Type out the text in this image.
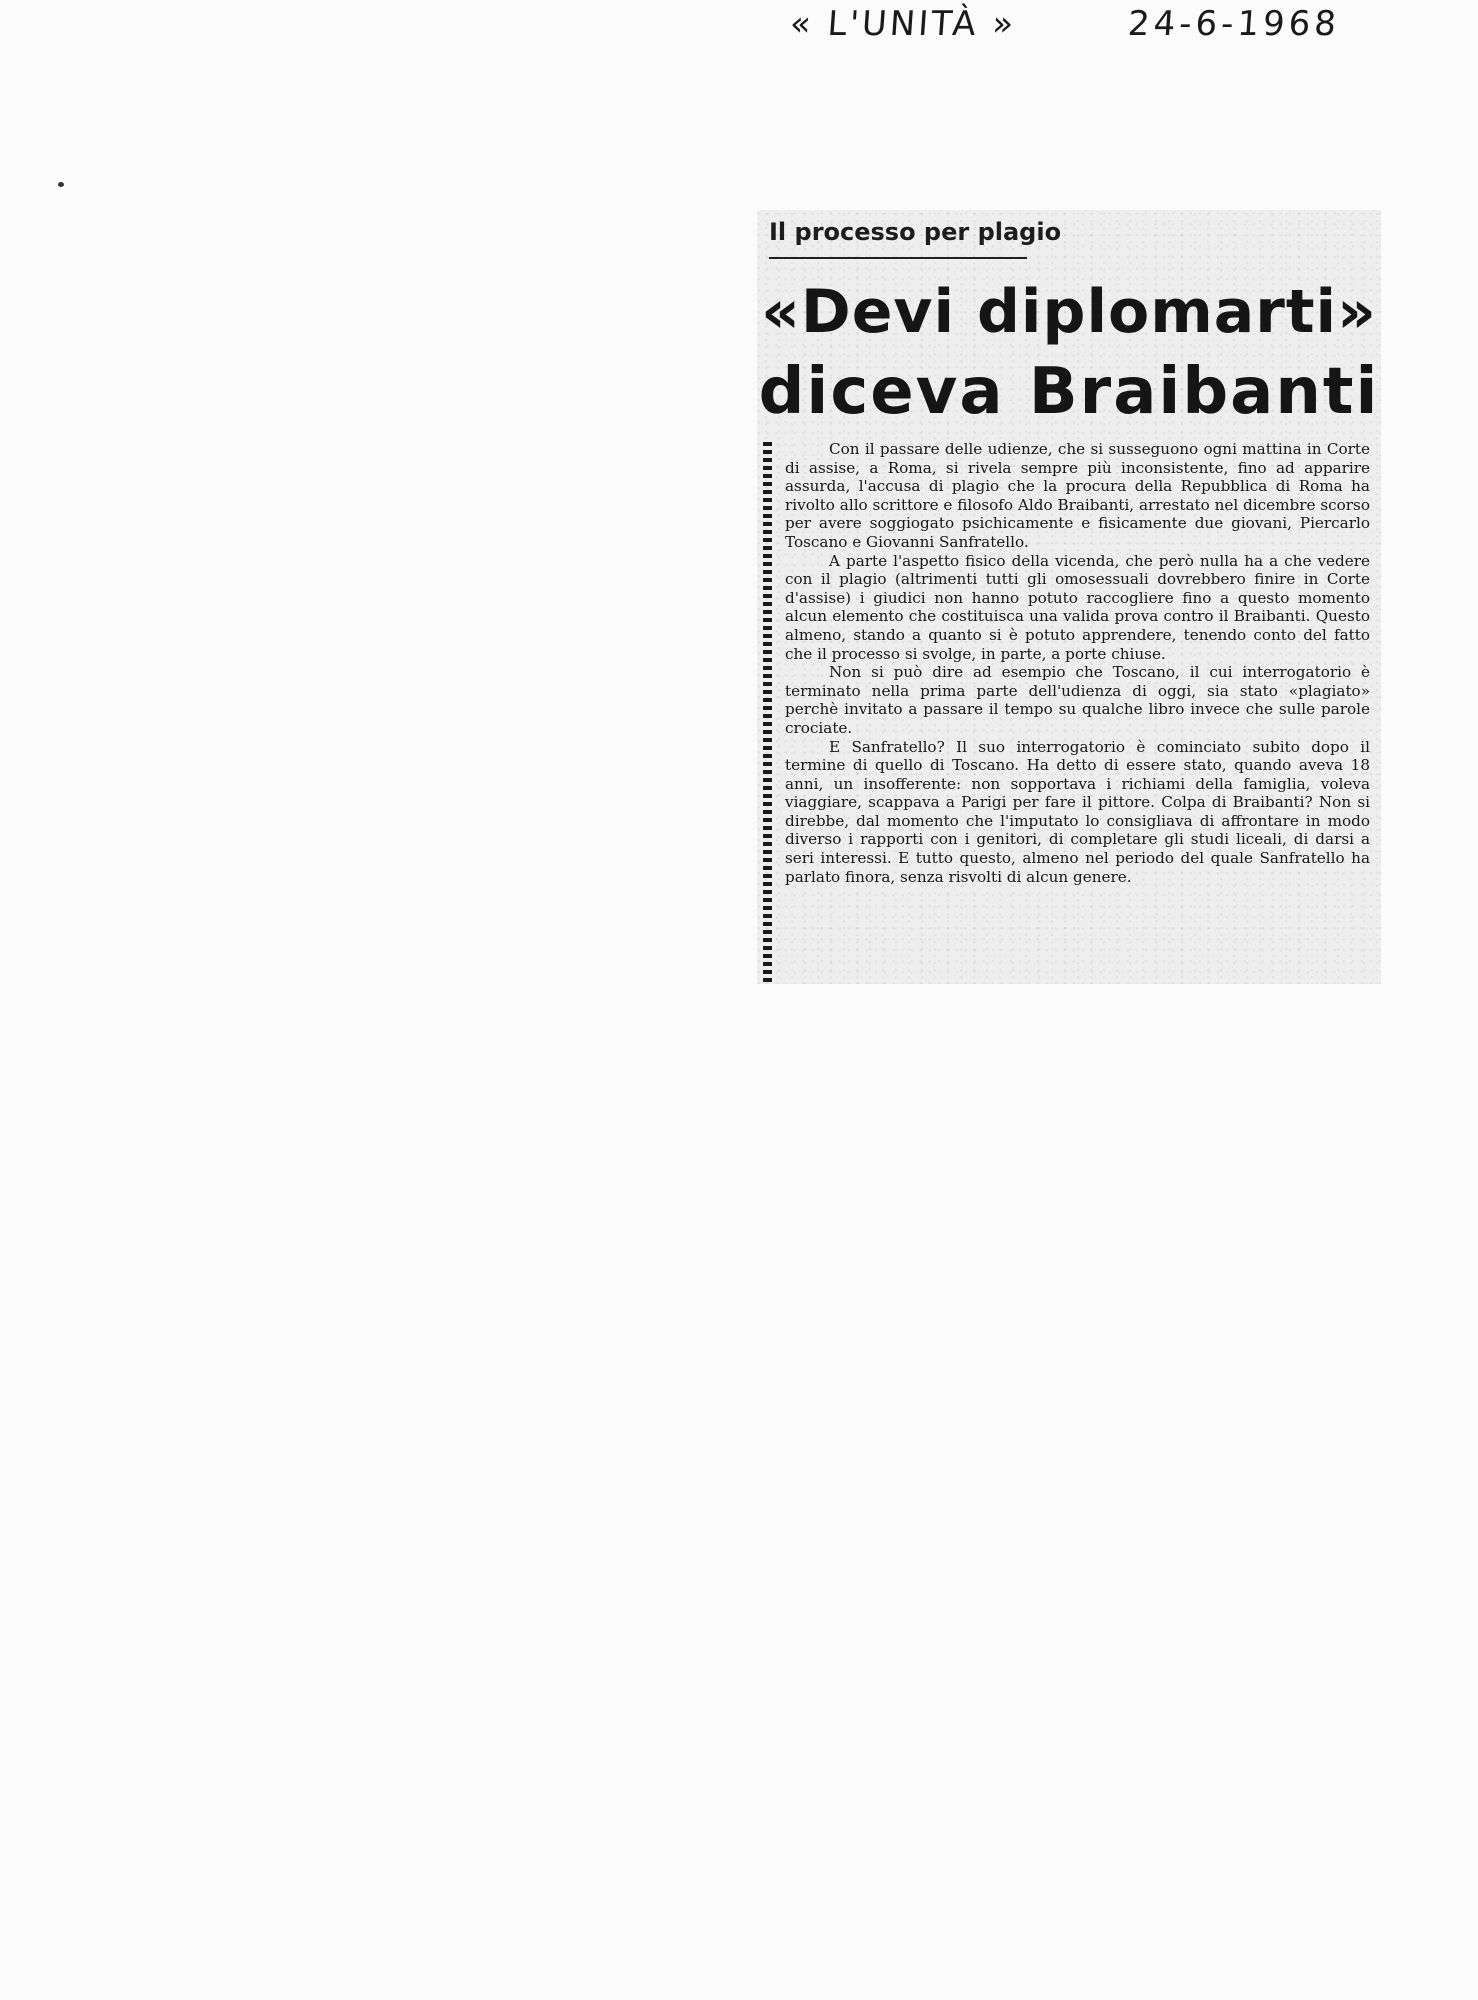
« L'UNITÀ »	24-6-1968
Il processo per plagio
«Devi diplomarti»
diceva Braibanti

Con il passare delle udienze, che si susseguono ogni mattina in Corte di assise, a Roma, si rivela sempre più inconsistente, fino ad apparire assurda, l'accusa di plagio che la procura della Repubblica di Roma ha rivolto allo scrittore e filosofo Aldo Braibanti, arrestato nel dicembre scorso per avere soggiogato psichicamente e fisicamente due giovani, Piercarlo Toscano e Giovanni Sanfratello.

A parte l'aspetto fisico della vicenda, che però nulla ha a che vedere con il plagio (altrimenti tutti gli omosessuali dovrebbero finire in Corte d'assise) i giudici non hanno potuto raccogliere fino a questo momento alcun elemento che costituisca una valida prova contro il Braibanti. Questo almeno, stando a quanto si è potuto apprendere, tenendo conto del fatto che il processo si svolge, in parte, a porte chiuse.

Non si può dire ad esempio che Toscano, il cui interrogatorio è terminato nella prima parte dell'udienza di oggi, sia stato «plagiato» perchè invitato a passare il tempo su qualche libro invece che sulle parole crociate.

E Sanfratello? Il suo interrogatorio è cominciato subito dopo il termine di quello di Toscano. Ha detto di essere stato, quando aveva 18 anni, un insofferente: non sopportava i richiami della famiglia, voleva viaggiare, scappava a Parigi per fare il pittore. Colpa di Braibanti? Non si direbbe, dal momento che l'imputato lo consigliava di affrontare in modo diverso i rapporti con i genitori, di completare gli studi liceali, di darsi a seri interessi. E tutto questo, almeno nel periodo del quale Sanfratello ha parlato finora, senza risvolti di alcun genere.
